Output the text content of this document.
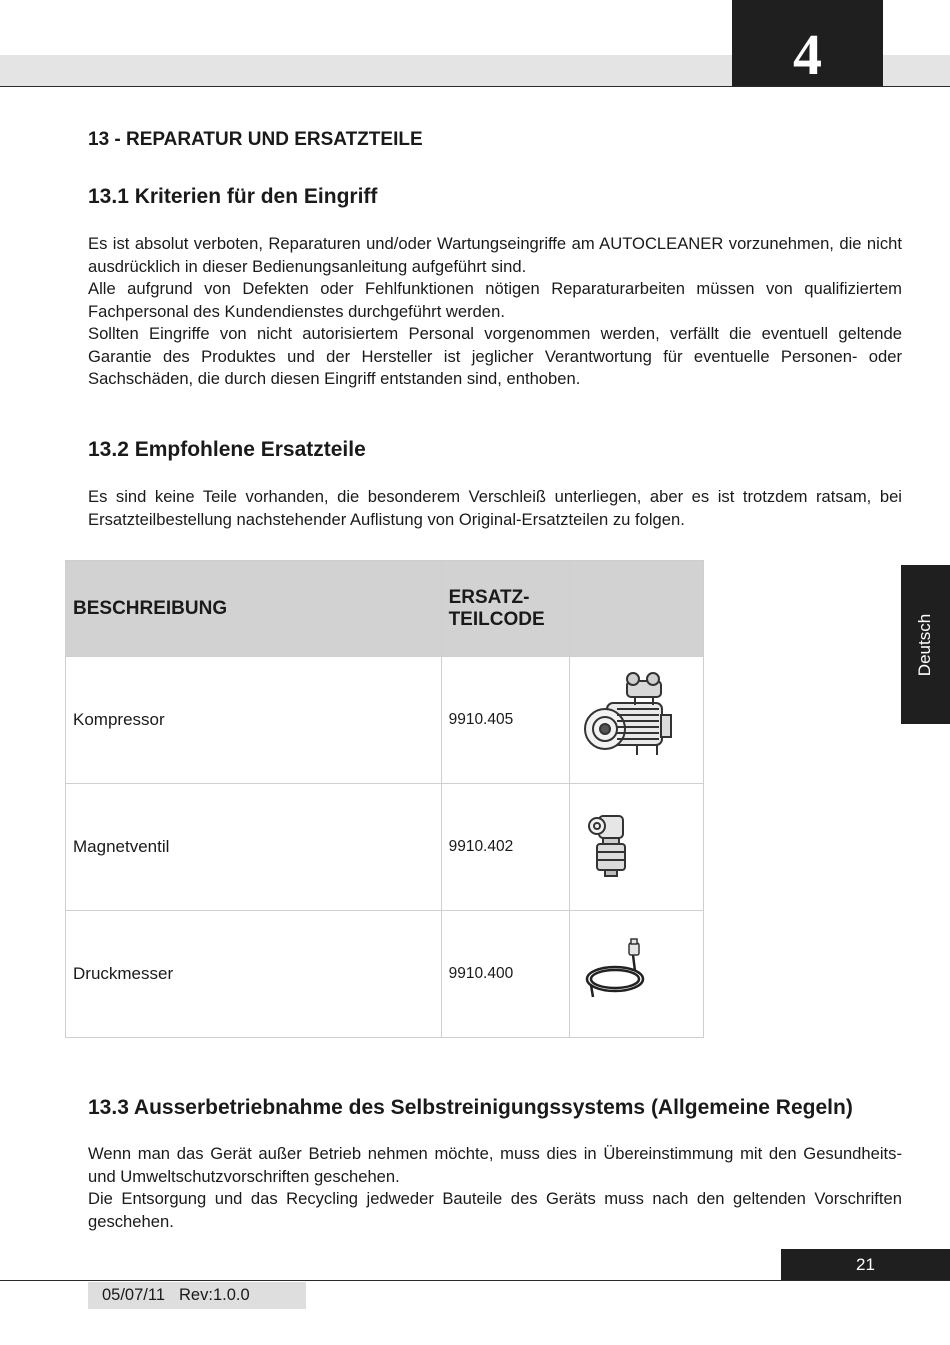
4
Deutsch
13 - REPARATUR UND ERSATZTEILE
13.1 Kriterien für den Eingriff

Es ist absolut verboten, Reparaturen und/oder Wartungseingriffe am AUTOCLEANER vorzunehmen, die nicht ausdrücklich in dieser Bedienungsanleitung aufgeführt sind.

Alle aufgrund von Defekten oder Fehlfunktionen nötigen Reparaturarbeiten müssen von qualifiziertem Fachpersonal des Kundendienstes durchgeführt werden.

Sollten Eingriffe von nicht autorisiertem Personal vorgenommen werden, verfällt die eventuell geltende Garantie des Produktes und der Hersteller ist jeglicher Verantwortung für eventuelle Personen- oder Sachschäden, die durch diesen Eingriff entstanden sind, enthoben.

13.2 Empfohlene Ersatzteile

Es sind keine Teile vorhanden, die besonderem Verschleiß unterliegen, aber es ist trotzdem ratsam, bei Ersatzteilbestellung nachstehender Auflistung von Original-Ersatzteilen zu folgen.

BESCHREIBUNG	ERSATZ-
TEILCODE	

Kompressor	9910.405	
Magnetventil	9910.402	
Druckmesser	9910.400	
13.3 Ausserbetriebnahme des Selbstreinigungssystems (Allgemeine Regeln)

Wenn man das Gerät außer Betrieb nehmen möchte, muss dies in Übereinstimmung mit den Gesundheits- und Umweltschutzvorschriften geschehen.

Die Entsorgung und das Recycling jedweder Bauteile des Geräts muss nach den geltenden Vorschriften geschehen.

21
05/07/11 Rev:1.0.0
